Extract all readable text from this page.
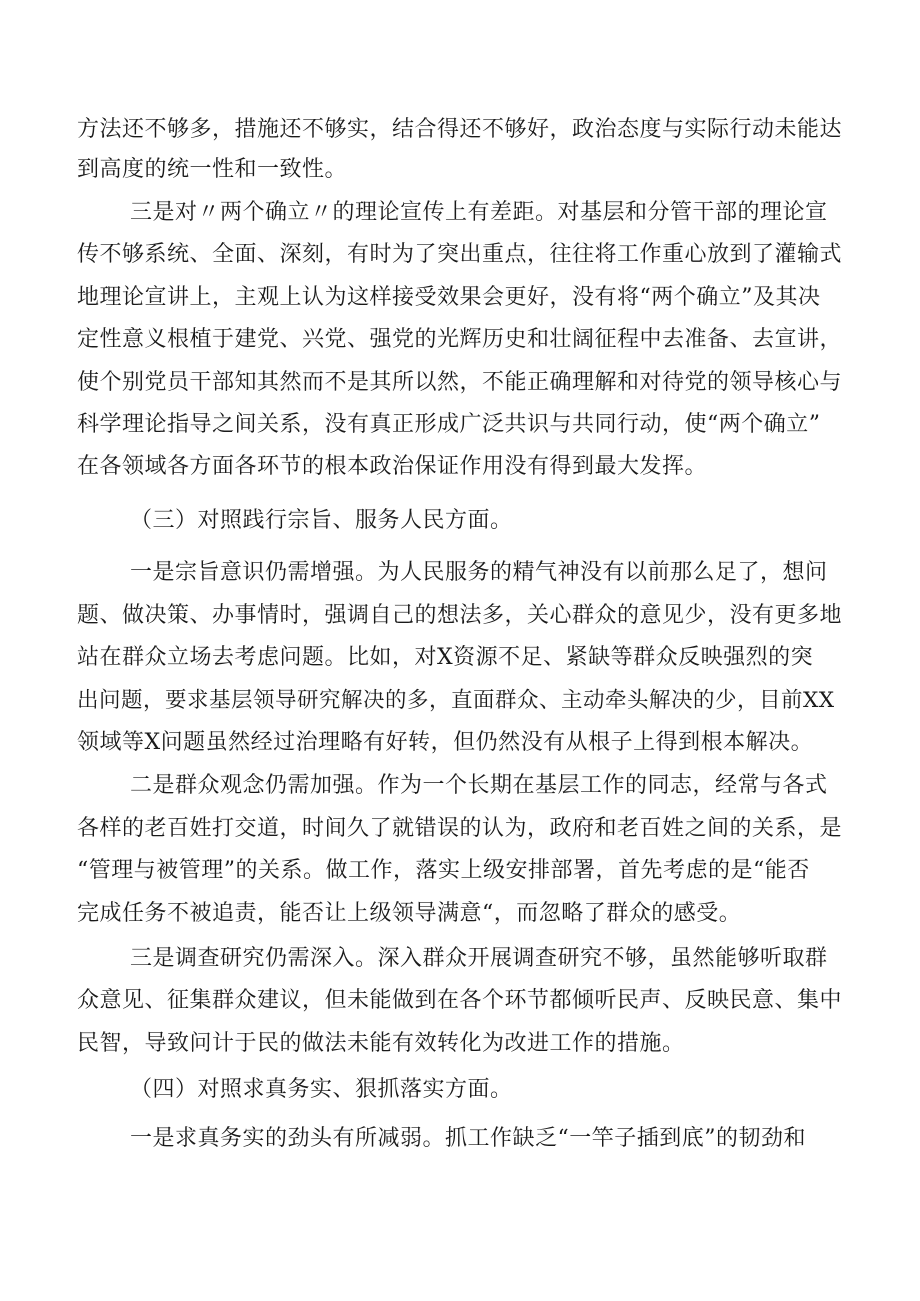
方法还不够多，措施还不够实，结合得还不够好，政治态度与实际行动未能达
到高度的统一性和一致性。
三是对〃两个确立〃的理论宣传上有差距。对基层和分管干部的理论宣
传不够系统、全面、深刻，有时为了突出重点，往往将工作重心放到了灌输式
地理论宣讲上，主观上认为这样接受效果会更好，没有将“两个确立”及其决
定性意义根植于建党、兴党、强党的光辉历史和壮阔征程中去准备、去宣讲，
使个别党员干部知其然而不是其所以然，不能正确理解和对待党的领导核心与
科学理论指导之间关系，没有真正形成广泛共识与共同行动，使“两个确立”
在各领域各方面各环节的根本政治保证作用没有得到最大发挥。
（三）对照践行宗旨、服务人民方面。
一是宗旨意识仍需增强。为人民服务的精气神没有以前那么足了，想问
题、做决策、办事情时，强调自己的想法多，关心群众的意见少，没有更多地
站在群众立场去考虑问题。比如，对X资源不足、紧缺等群众反映强烈的突
出问题，要求基层领导研究解决的多，直面群众、主动牵头解决的少，目前XX
领域等X问题虽然经过治理略有好转，但仍然没有从根子上得到根本解决。
二是群众观念仍需加强。作为一个长期在基层工作的同志，经常与各式
各样的老百姓打交道，时间久了就错误的认为，政府和老百姓之间的关系，是
“管理与被管理”的关系。做工作，落实上级安排部署，首先考虑的是“能否
完成任务不被追责，能否让上级领导满意“，而忽略了群众的感受。
三是调查研究仍需深入。深入群众开展调查研究不够，虽然能够听取群
众意见、征集群众建议，但未能做到在各个环节都倾听民声、反映民意、集中
民智，导致问计于民的做法未能有效转化为改进工作的措施。
（四）对照求真务实、狠抓落实方面。
一是求真务实的劲头有所减弱。抓工作缺乏“一竿子插到底”的韧劲和
